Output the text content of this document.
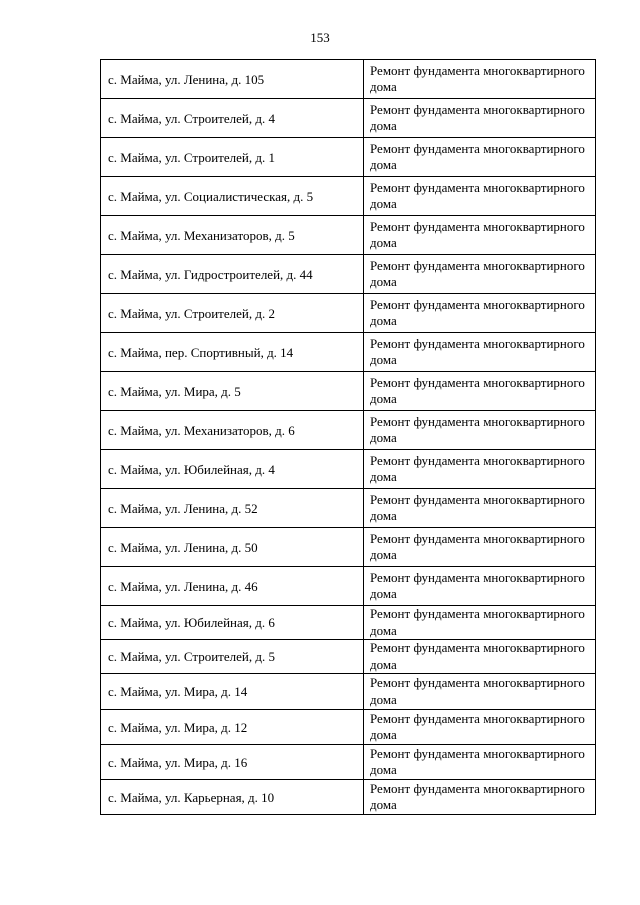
153
с. Майма, ул. Ленина, д. 105	Ремонт фундамента многоквартирного дома
с. Майма, ул. Строителей, д. 4	Ремонт фундамента многоквартирного дома
с. Майма, ул. Строителей, д. 1	Ремонт фундамента многоквартирного дома
с. Майма, ул. Социалистическая, д. 5	Ремонт фундамента многоквартирного дома
с. Майма, ул. Механизаторов, д. 5	Ремонт фундамента многоквартирного дома
с. Майма, ул. Гидростроителей, д. 44	Ремонт фундамента многоквартирного дома
с. Майма, ул. Строителей, д. 2	Ремонт фундамента многоквартирного дома
с. Майма, пер. Спортивный, д. 14	Ремонт фундамента многоквартирного дома
с. Майма, ул. Мира, д. 5	Ремонт фундамента многоквартирного дома
с. Майма, ул. Механизаторов, д. 6	Ремонт фундамента многоквартирного дома
с. Майма, ул. Юбилейная, д. 4	Ремонт фундамента многоквартирного дома
с. Майма, ул. Ленина, д. 52	Ремонт фундамента многоквартирного дома
с. Майма, ул. Ленина, д. 50	Ремонт фундамента многоквартирного дома
с. Майма, ул. Ленина, д. 46	Ремонт фундамента многоквартирного дома
с. Майма, ул. Юбилейная, д. 6	Ремонт фундамента многоквартирного дома
с. Майма, ул. Строителей, д. 5	Ремонт фундамента многоквартирного дома
с. Майма, ул. Мира, д. 14	Ремонт фундамента многоквартирного дома
с. Майма, ул. Мира, д. 12	Ремонт фундамента многоквартирного дома
с. Майма, ул. Мира, д. 16	Ремонт фундамента многоквартирного дома
с. Майма, ул. Карьерная, д. 10	Ремонт фундамента многоквартирного дома
